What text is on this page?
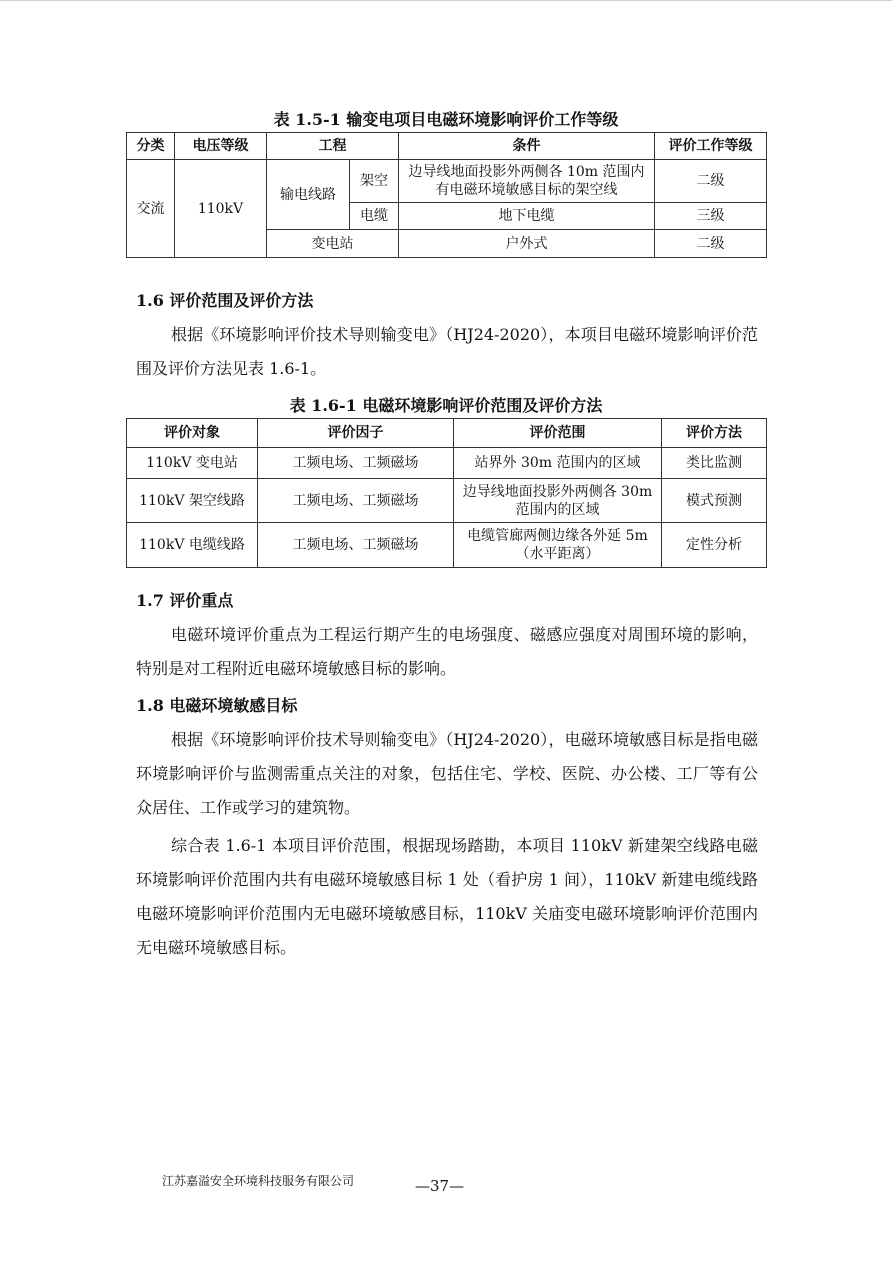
表 1.5-1 输变电项目电磁环境影响评价工作等级
分类	电压等级	工程		条件	评价工作等级
交流	110kV	输电线路	架空	边导线地面投影外两侧各 10m 范围内有电磁环境敏感目标的架空线	二级
			电缆	地下电缆	三级
		变电站		户外式	二级
1.6 评价范围及评价方法

根据《环境影响评价技术导则输变电》（HJ24-2020），本项目电磁环境影响评价范围及评价方法见表 1.6-1。

表 1.6-1 电磁环境影响评价范围及评价方法
评价对象	评价因子	评价范围	评价方法
110kV 变电站	工频电场、工频磁场	站界外 30m 范围内的区域	类比监测
110kV 架空线路	工频电场、工频磁场	边导线地面投影外两侧各 30m 范围内的区域	模式预测
110kV 电缆线路	工频电场、工频磁场	电缆管廊两侧边缘各外延 5m（水平距离）	定性分析
1.7 评价重点

电磁环境评价重点为工程运行期产生的电场强度、磁感应强度对周围环境的影响，特别是对工程附近电磁环境敏感目标的影响。

1.8 电磁环境敏感目标

根据《环境影响评价技术导则输变电》（HJ24-2020），电磁环境敏感目标是指电磁环境影响评价与监测需重点关注的对象，包括住宅、学校、医院、办公楼、工厂等有公众居住、工作或学习的建筑物。

综合表 1.6-1 本项目评价范围，根据现场踏勘，本项目 110kV 新建架空线路电磁环境影响评价范围内共有电磁环境敏感目标 1 处（看护房 1 间），110kV 新建电缆线路电磁环境影响评价范围内无电磁环境敏感目标，110kV 关庙变电磁环境影响评价范围内无电磁环境敏感目标。

江苏嘉溢安全环境科技服务有限公司	—37—
